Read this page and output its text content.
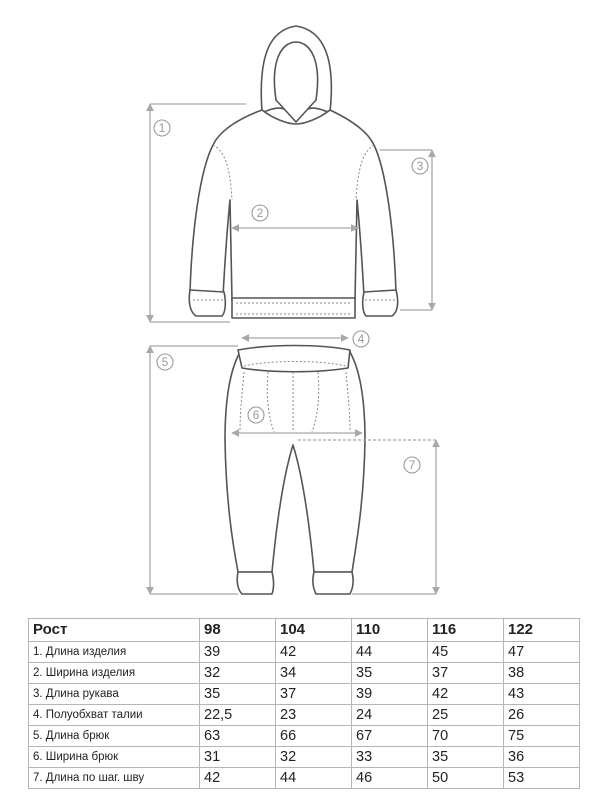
1
2
3
4
5
6
7
Рост	98	104	110	116	122
1. Длина изделия	39	42	44	45	47
2. Ширина изделия	32	34	35	37	38
3. Длина рукава	35	37	39	42	43
4. Полуобхват талии	22,5	23	24	25	26
5. Длина брюк	63	66	67	70	75
6. Ширина брюк	31	32	33	35	36
7. Длина по шаг. шву	42	44	46	50	53
